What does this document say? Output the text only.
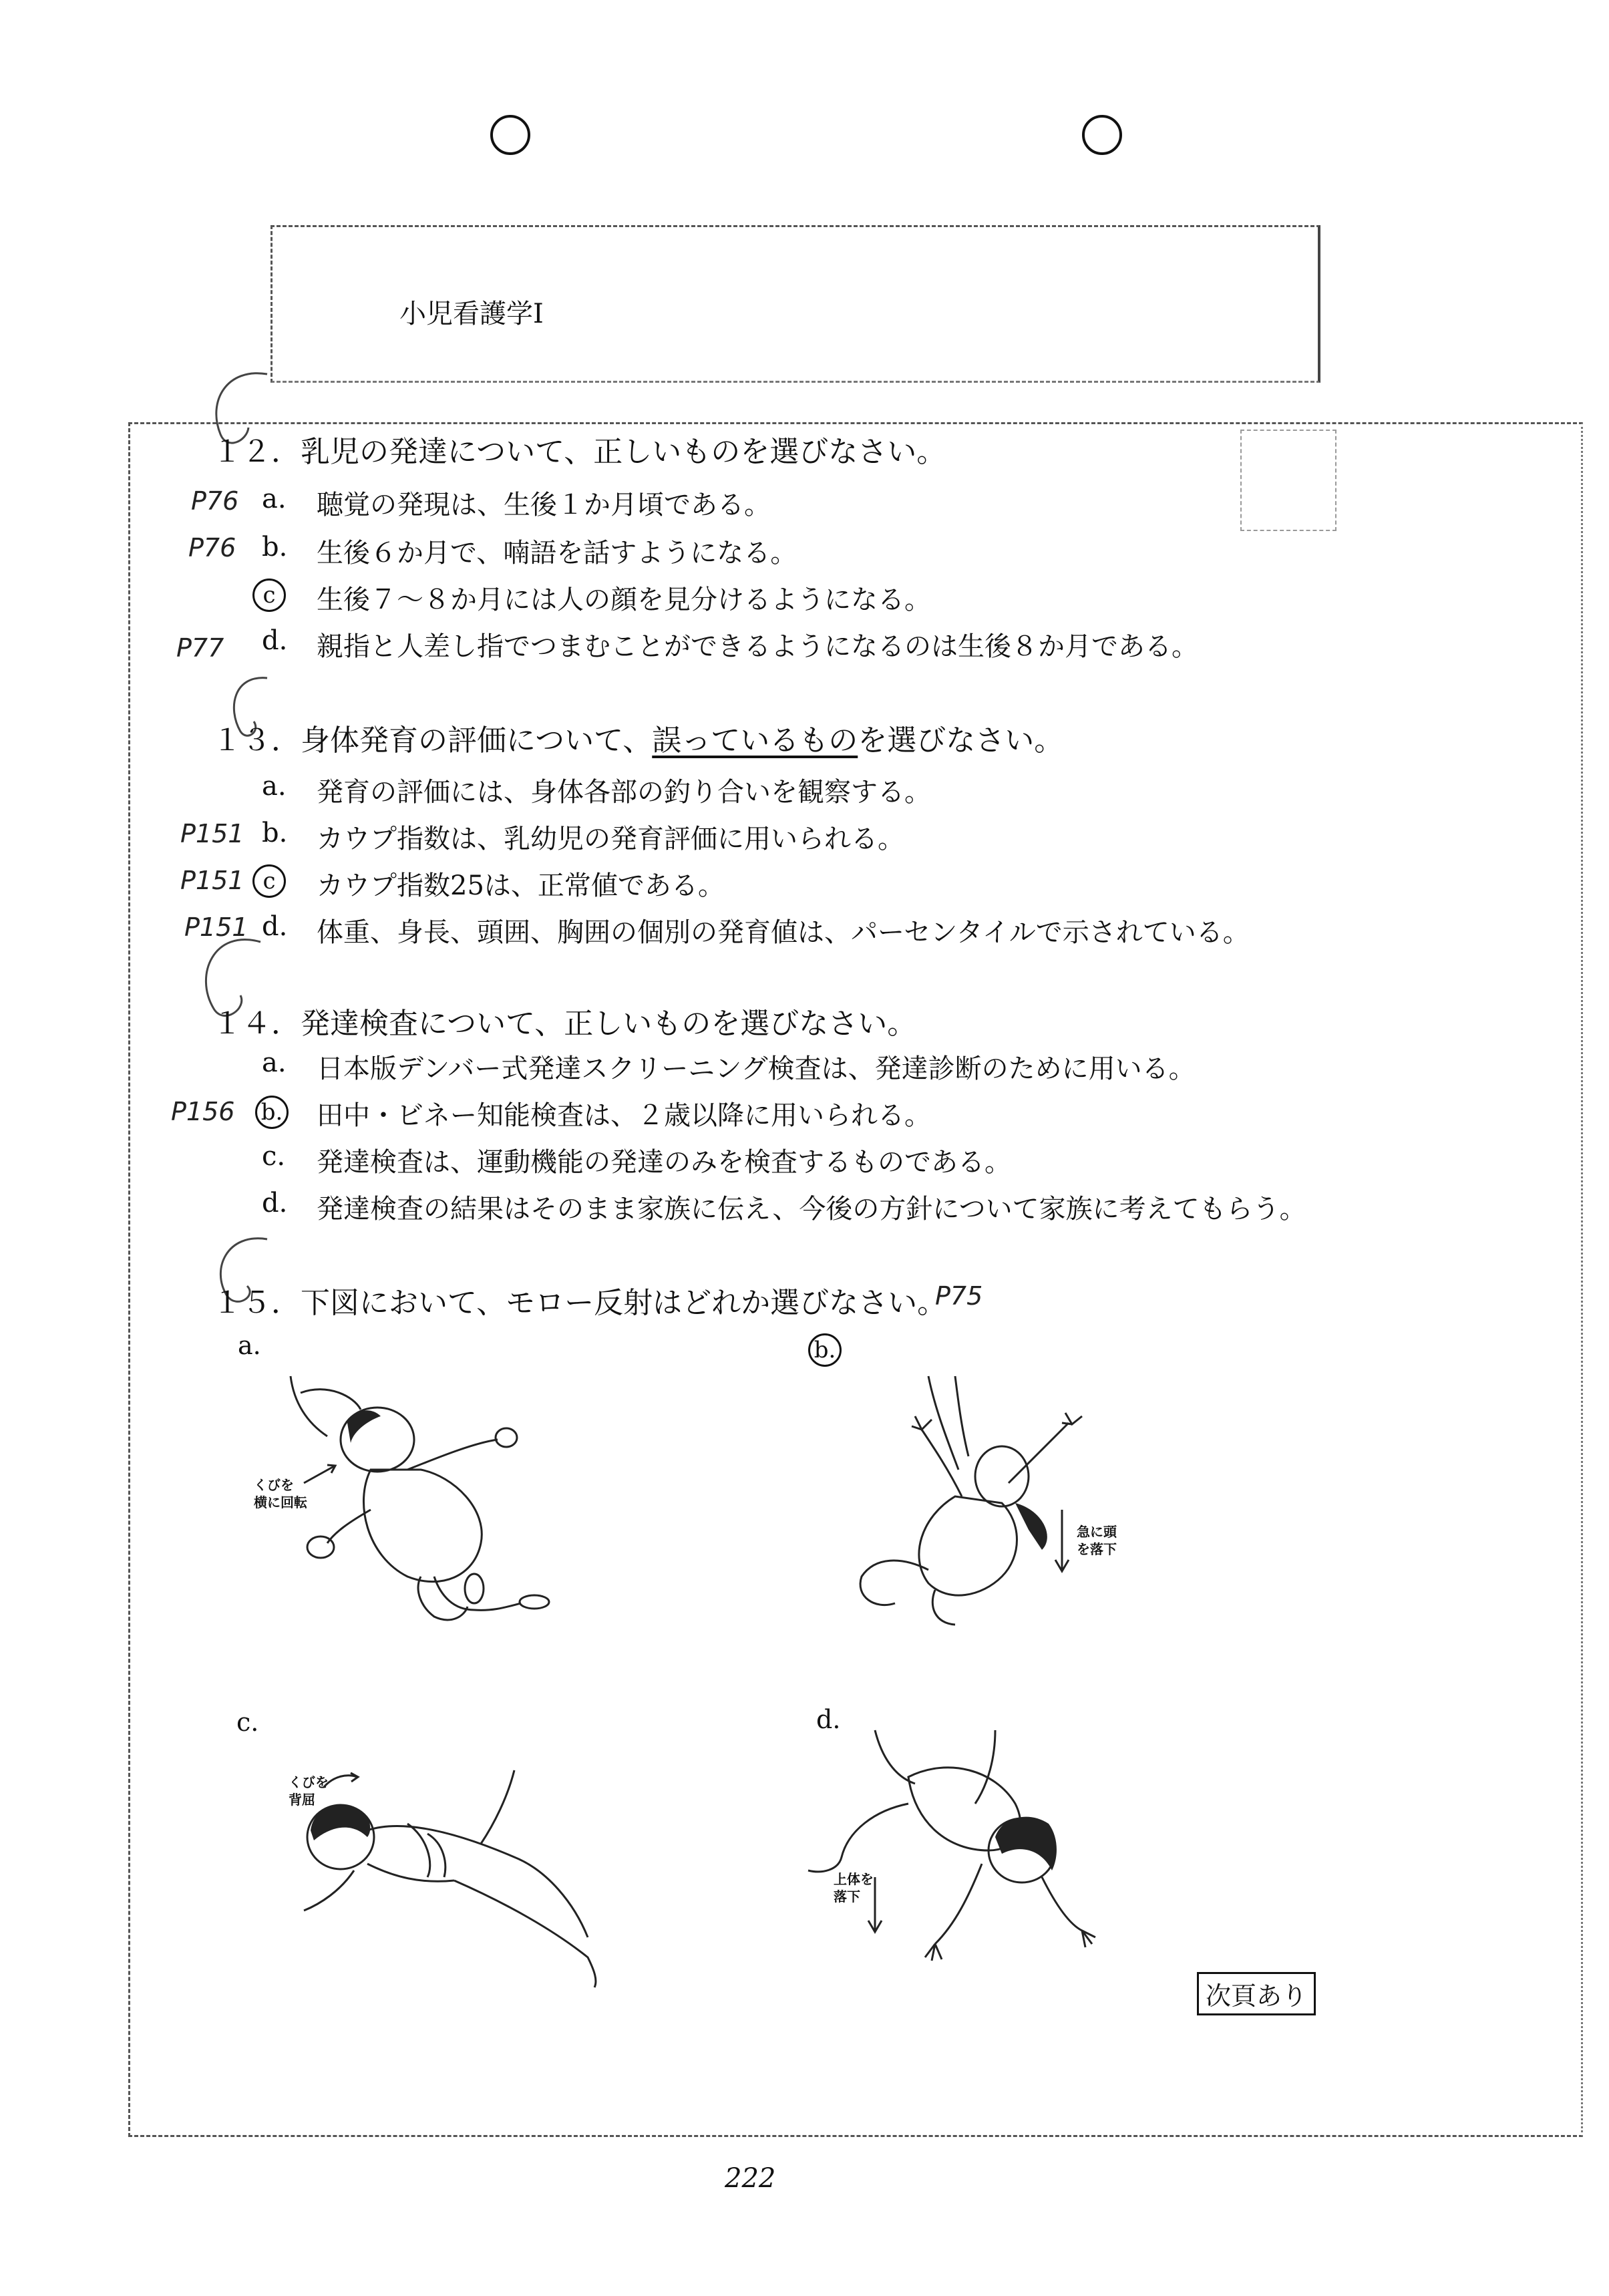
小児看護学Ⅰ
１２．乳児の発達について、正しいものを選びなさい。
P76 a. 聴覚の発現は、生後１か月頃である。
P76 b. 生後６か月で、喃語を話すようになる。
c 生後７～８か月には人の顔を見分けるようになる。
P77 d. 親指と人差し指でつまむことができるようになるのは生後８か月である。
１３．身体発育の評価について、誤っているものを選びなさい。
a. 発育の評価には、身体各部の釣り合いを観察する。
P151 b. カウプ指数は、乳幼児の発育評価に用いられる。
P151 c カウプ指数25は、正常値である。
P151 d. 体重、身長、頭囲、胸囲の個別の発育値は、パーセンタイルで示されている。
１４．発達検査について、正しいものを選びなさい。
a. 日本版デンバー式発達スクリーニング検査は、発達診断のために用いる。
P156 b. 田中・ビネー知能検査は、２歳以降に用いられる。
c. 発達検査は、運動機能の発達のみを検査するものである。
d. 発達検査の結果はそのまま家族に伝え、今後の方針について家族に考えてもらう。
１５．下図において、モロー反射はどれか選びなさい。
P75
a.	b.
c.	d.
くびを
横に回転
急に頭
を落下
くびを
背屈
上体を
落下
次頁あり
222
